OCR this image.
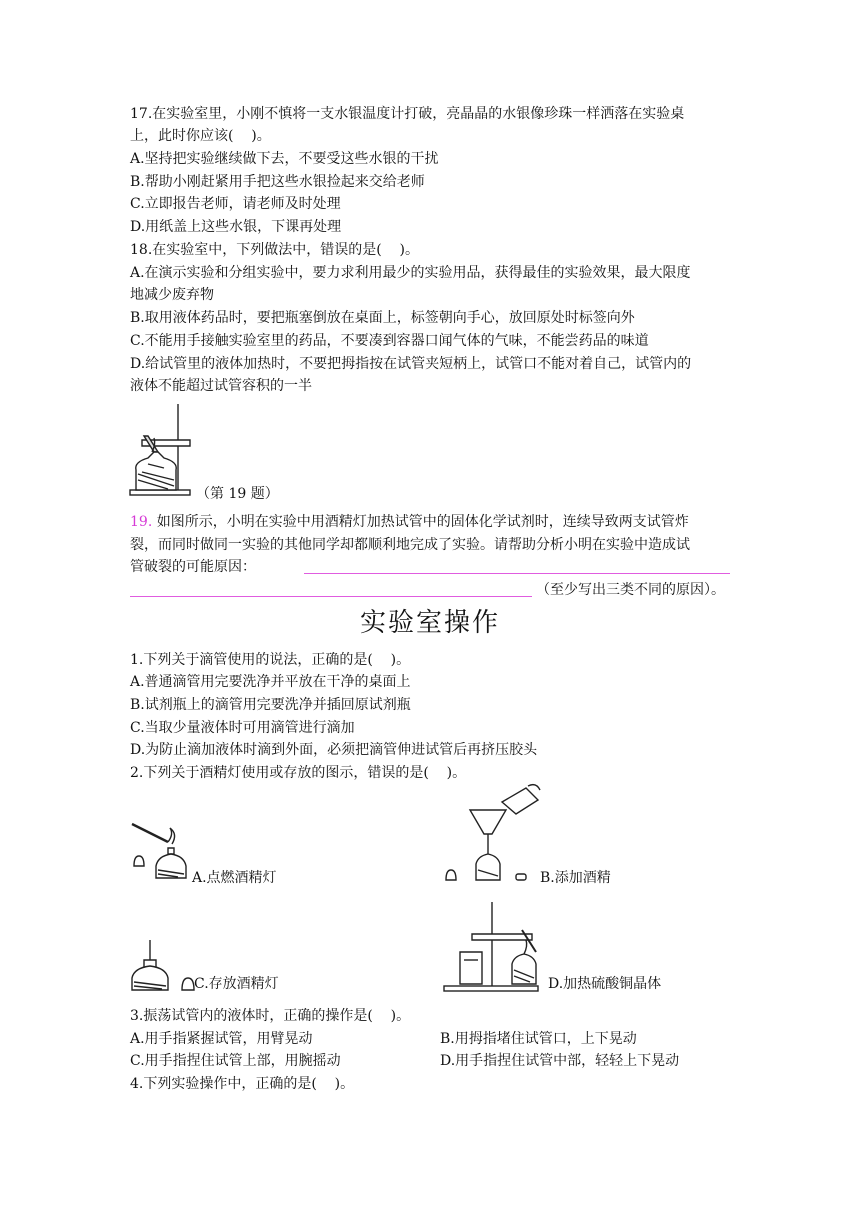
17.在实验室里，小刚不慎将一支水银温度计打破，亮晶晶的水银像珍珠一样洒落在实验桌
上，此时你应该(    )。
A.坚持把实验继续做下去，不要受这些水银的干扰
B.帮助小刚赶紧用手把这些水银捡起来交给老师
C.立即报告老师，请老师及时处理
D.用纸盖上这些水银，下课再处理
18.在实验室中，下列做法中，错误的是(    )。
A.在演示实验和分组实验中，要力求利用最少的实验用品，获得最佳的实验效果，最大限度
地减少废弃物
B.取用液体药品时，要把瓶塞倒放在桌面上，标签朝向手心，放回原处时标签向外
C.不能用手接触实验室里的药品，不要凑到容器口闻气体的气味，不能尝药品的味道
D.给试管里的液体加热时，不要把拇指按在试管夹短柄上，试管口不能对着自己，试管内的
液体不能超过试管容积的一半
（第 19 题）
19. 如图所示，小明在实验中用酒精灯加热试管中的固体化学试剂时，连续导致两支试管炸
裂，而同时做同一实验的其他同学却都顺利地完成了实验。请帮助分析小明在实验中造成试
管破裂的可能原因：
（至少写出三类不同的原因）。
实验室操作
1.下列关于滴管使用的说法，正确的是(    )。
A.普通滴管用完要洗净并平放在干净的桌面上
B.试剂瓶上的滴管用完要洗净并插回原试剂瓶
C.当取少量液体时可用滴管进行滴加
D.为防止滴加液体时滴到外面，必须把滴管伸进试管后再挤压胶头
2.下列关于酒精灯使用或存放的图示，错误的是(    )。
A.点燃酒精灯	B.添加酒精
C.存放酒精灯	D.加热硫酸铜晶体
3.振荡试管内的液体时，正确的操作是(    )。
A.用手指紧握试管，用臂晃动	B.用拇指堵住试管口，上下晃动
C.用手指捏住试管上部，用腕摇动	D.用手指捏住试管中部，轻轻上下晃动
4.下列实验操作中，正确的是(    )。
